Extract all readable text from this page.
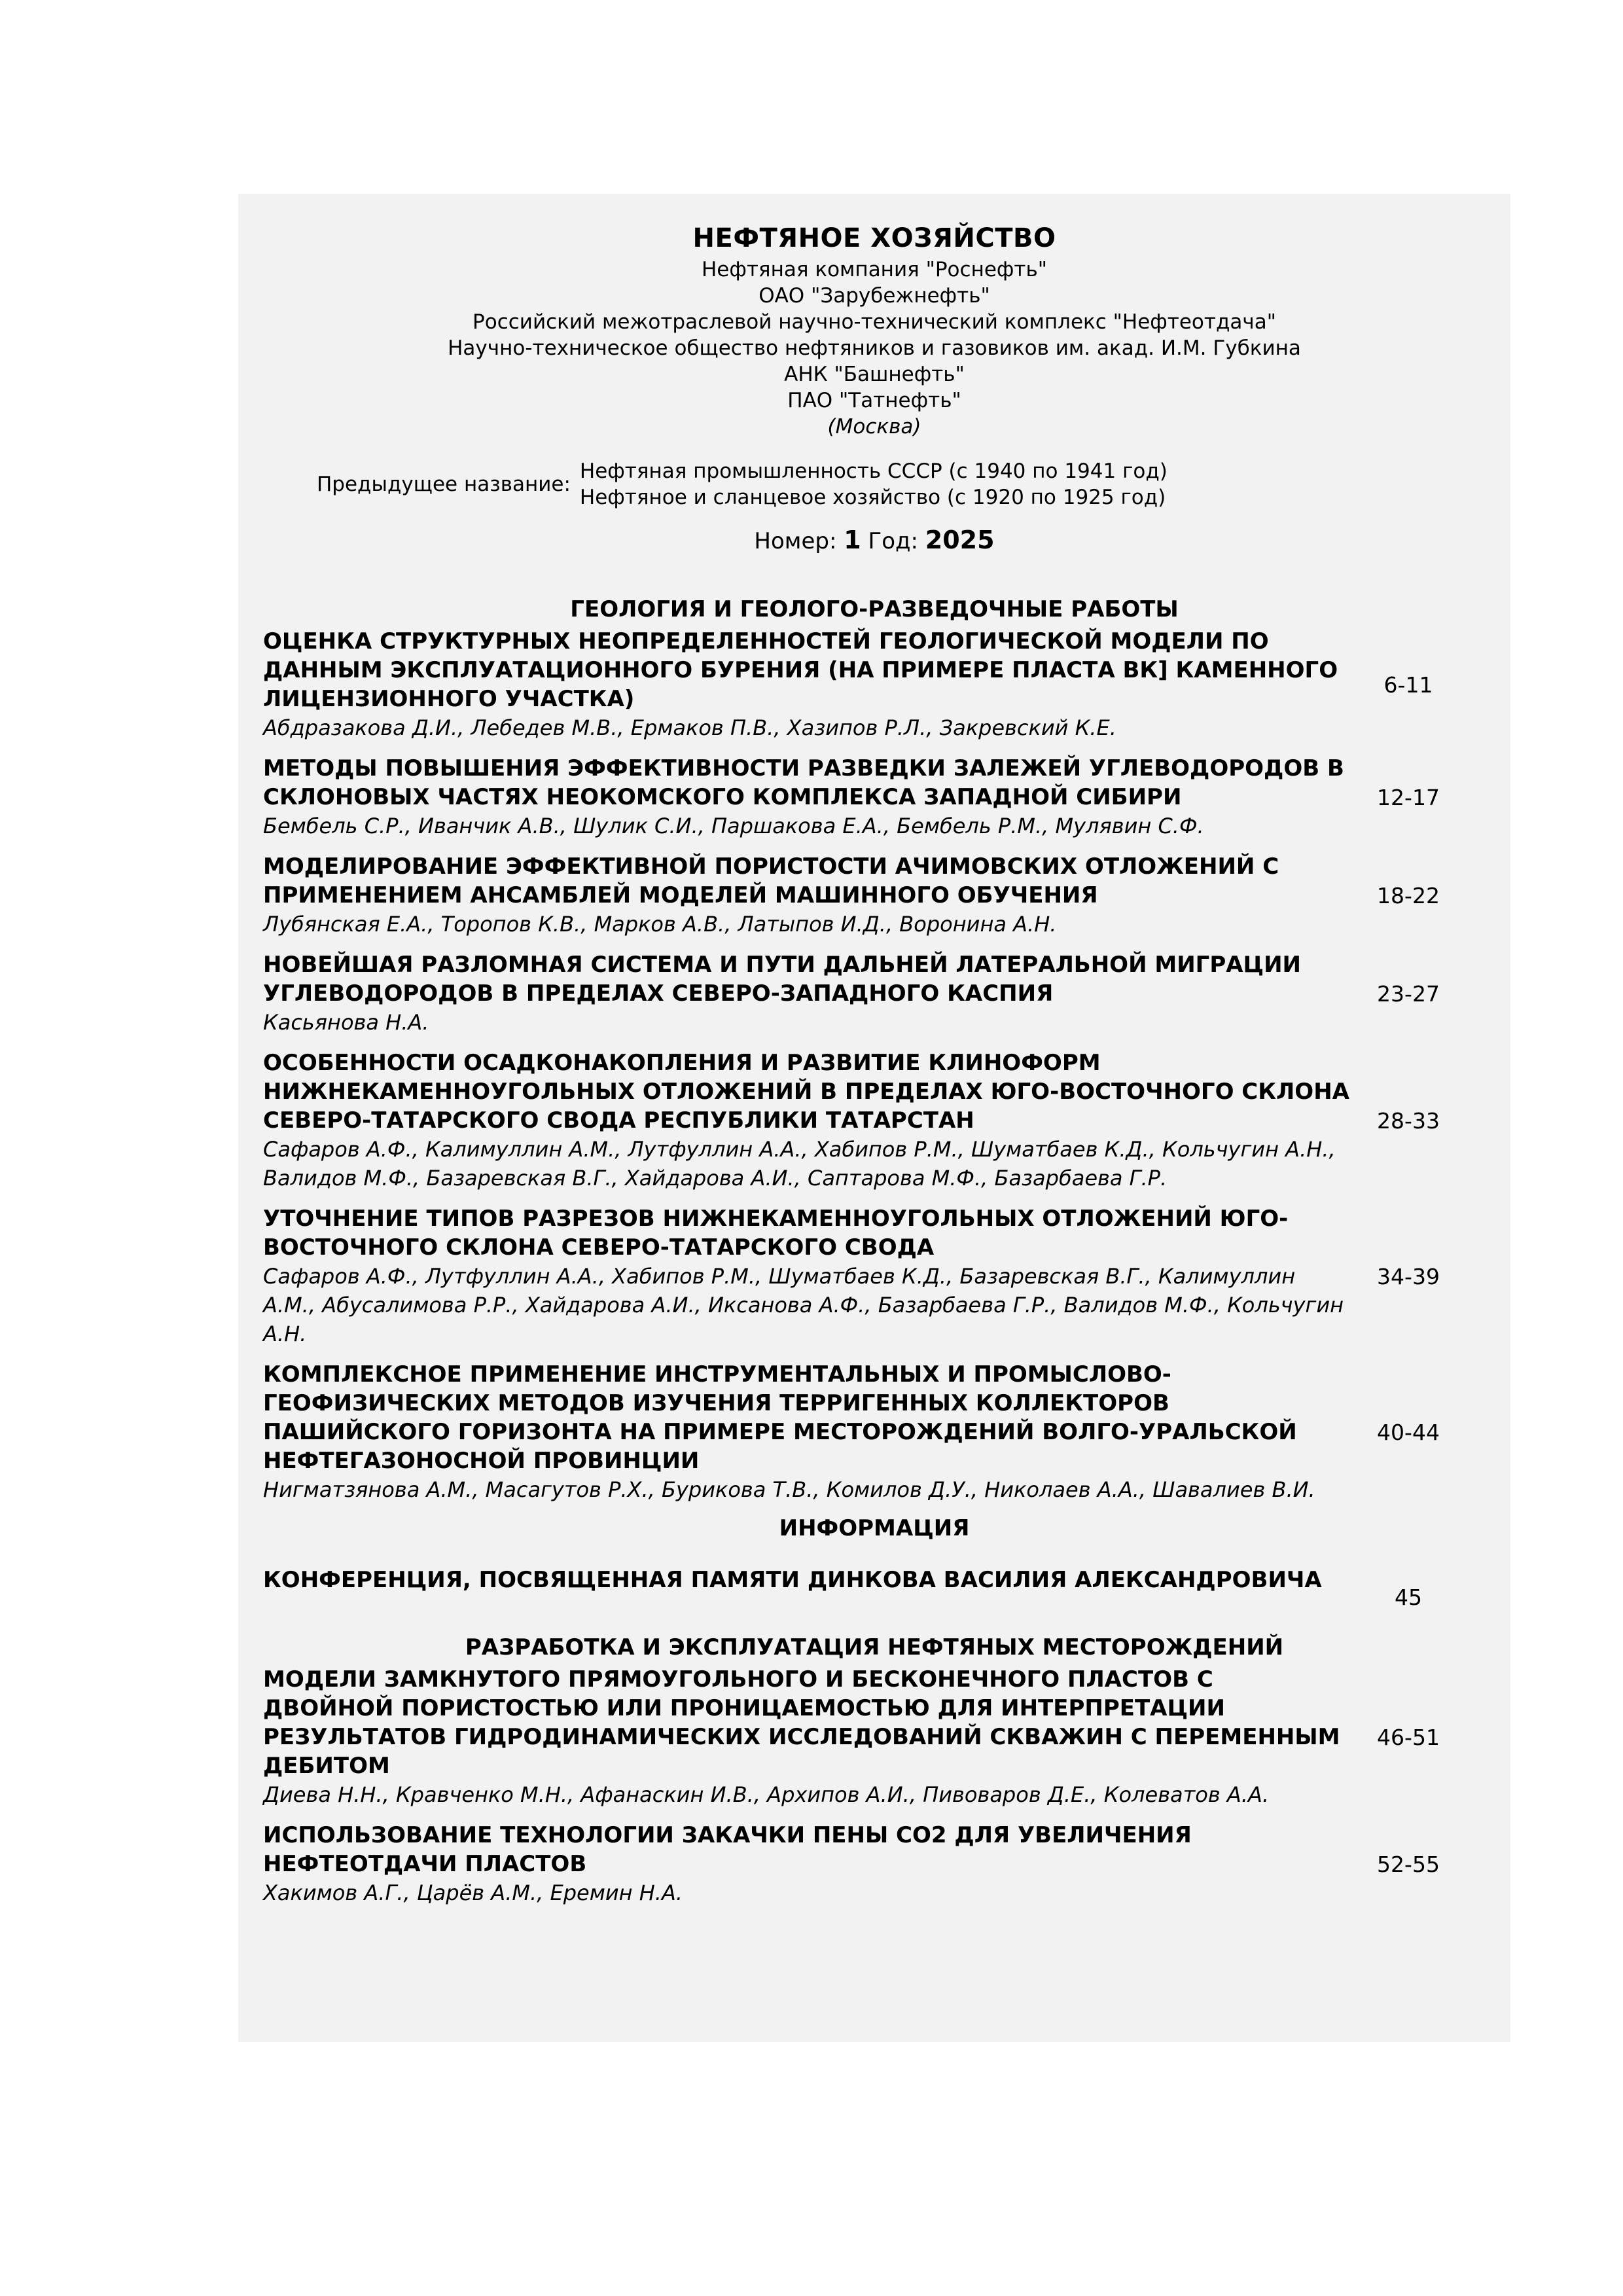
НЕФТЯНОЕ ХОЗЯЙСТВО
Нефтяная компания "Роснефть"
ОАО "Зарубежнефть"
Российский межотраслевой научно-технический комплекс "Нефтеотдача"
Научно-техническое общество нефтяников и газовиков им. акад. И.М. Губкина
АНК "Башнефть"
ПАО "Татнефть"
(Москва)
Предыдущее название:
Нефтяная промышленность СССР (с 1940 по 1941 год)
Нефтяное и сланцевое хозяйство (с 1920 по 1925 год)
Номер: 1 Год: 2025
ГЕОЛОГИЯ И ГЕОЛОГО-РАЗВЕДОЧНЫЕ РАБОТЫ
ОЦЕНКА СТРУКТУРНЫХ НЕОПРЕДЕЛЕННОСТЕЙ ГЕОЛОГИЧЕСКОЙ МОДЕЛИ ПО ДАННЫМ ЭКСПЛУАТАЦИОННОГО БУРЕНИЯ (НА ПРИМЕРЕ ПЛАСТА ВК] КАМЕННОГО ЛИЦЕНЗИОННОГО УЧАСТКА)
Абдразакова Д.И., Лебедев М.В., Ермаков П.В., Хазипов Р.Л., Закревский К.Е.
6-11
МЕТОДЫ ПОВЫШЕНИЯ ЭФФЕКТИВНОСТИ РАЗВЕДКИ ЗАЛЕЖЕЙ УГЛЕВОДОРОДОВ В СКЛОНОВЫХ ЧАСТЯХ НЕОКОМСКОГО КОМПЛЕКСА ЗАПАДНОЙ СИБИРИ
Бембель С.Р., Иванчик А.В., Шулик С.И., Паршакова Е.А., Бембель Р.М., Мулявин С.Ф.
12-17
МОДЕЛИРОВАНИЕ ЭФФЕКТИВНОЙ ПОРИСТОСТИ АЧИМОВСКИХ ОТЛОЖЕНИЙ С ПРИМЕНЕНИЕМ АНСАМБЛЕЙ МОДЕЛЕЙ МАШИННОГО ОБУЧЕНИЯ
Лубянская Е.А., Торопов К.В., Марков А.В., Латыпов И.Д., Воронина А.Н.
18-22
НОВЕЙШАЯ РАЗЛОМНАЯ СИСТЕМА И ПУТИ ДАЛЬНЕЙ ЛАТЕРАЛЬНОЙ МИГРАЦИИ УГЛЕВОДОРОДОВ В ПРЕДЕЛАХ СЕВЕРО-ЗАПАДНОГО КАСПИЯ
Касьянова Н.А.
23-27
ОСОБЕННОСТИ ОСАДКОНАКОПЛЕНИЯ И РАЗВИТИЕ КЛИНОФОРМ НИЖНЕКАМЕННОУГОЛЬНЫХ ОТЛОЖЕНИЙ В ПРЕДЕЛАХ ЮГО-ВОСТОЧНОГО СКЛОНА СЕВЕРО-ТАТАРСКОГО СВОДА РЕСПУБЛИКИ ТАТАРСТАН
Сафаров А.Ф., Калимуллин А.М., Лутфуллин А.А., Хабипов Р.М., Шуматбаев К.Д., Кольчугин А.Н., Валидов М.Ф., Базаревская В.Г., Хайдарова А.И., Саптарова М.Ф., Базарбаева Г.Р.
28-33
УТОЧНЕНИЕ ТИПОВ РАЗРЕЗОВ НИЖНЕКАМЕННОУГОЛЬНЫХ ОТЛОЖЕНИЙ ЮГО-ВОСТОЧНОГО СКЛОНА СЕВЕРО-ТАТАРСКОГО СВОДА
Сафаров А.Ф., Лутфуллин А.А., Хабипов Р.М., Шуматбаев К.Д., Базаревская В.Г., Калимуллин А.М., Абусалимова Р.Р., Хайдарова А.И., Иксанова А.Ф., Базарбаева Г.Р., Валидов М.Ф., Кольчугин А.Н.
34-39
КОМПЛЕКСНОЕ ПРИМЕНЕНИЕ ИНСТРУМЕНТАЛЬНЫХ И ПРОМЫСЛОВО-ГЕОФИЗИЧЕСКИХ МЕТОДОВ ИЗУЧЕНИЯ ТЕРРИГЕННЫХ КОЛЛЕКТОРОВ ПАШИЙСКОГО ГОРИЗОНТА НА ПРИМЕРЕ МЕСТОРОЖДЕНИЙ ВОЛГО-УРАЛЬСКОЙ НЕФТЕГАЗОНОСНОЙ ПРОВИНЦИИ
Нигматзянова А.М., Масагутов Р.Х., Бурикова Т.В., Комилов Д.У., Николаев А.А., Шавалиев В.И.
40-44
ИНФОРМАЦИЯ
КОНФЕРЕНЦИЯ, ПОСВЯЩЕННАЯ ПАМЯТИ ДИНКОВА ВАСИЛИЯ АЛЕКСАНДРОВИЧА
45
РАЗРАБОТКА И ЭКСПЛУАТАЦИЯ НЕФТЯНЫХ МЕСТОРОЖДЕНИЙ
МОДЕЛИ ЗАМКНУТОГО ПРЯМОУГОЛЬНОГО И БЕСКОНЕЧНОГО ПЛАСТОВ С ДВОЙНОЙ ПОРИСТОСТЬЮ ИЛИ ПРОНИЦАЕМОСТЬЮ ДЛЯ ИНТЕРПРЕТАЦИИ РЕЗУЛЬТАТОВ ГИДРОДИНАМИЧЕСКИХ ИССЛЕДОВАНИЙ СКВАЖИН С ПЕРЕМЕННЫМ ДЕБИТОМ
Диева Н.Н., Кравченко М.Н., Афанаскин И.В., Архипов А.И., Пивоваров Д.Е., Колеватов А.А.
46-51
ИСПОЛЬЗОВАНИЕ ТЕХНОЛОГИИ ЗАКАЧКИ ПЕНЫ СО2 ДЛЯ УВЕЛИЧЕНИЯ НЕФТЕОТДАЧИ ПЛАСТОВ
Хакимов А.Г., Царёв А.М., Еремин Н.А.
52-55
